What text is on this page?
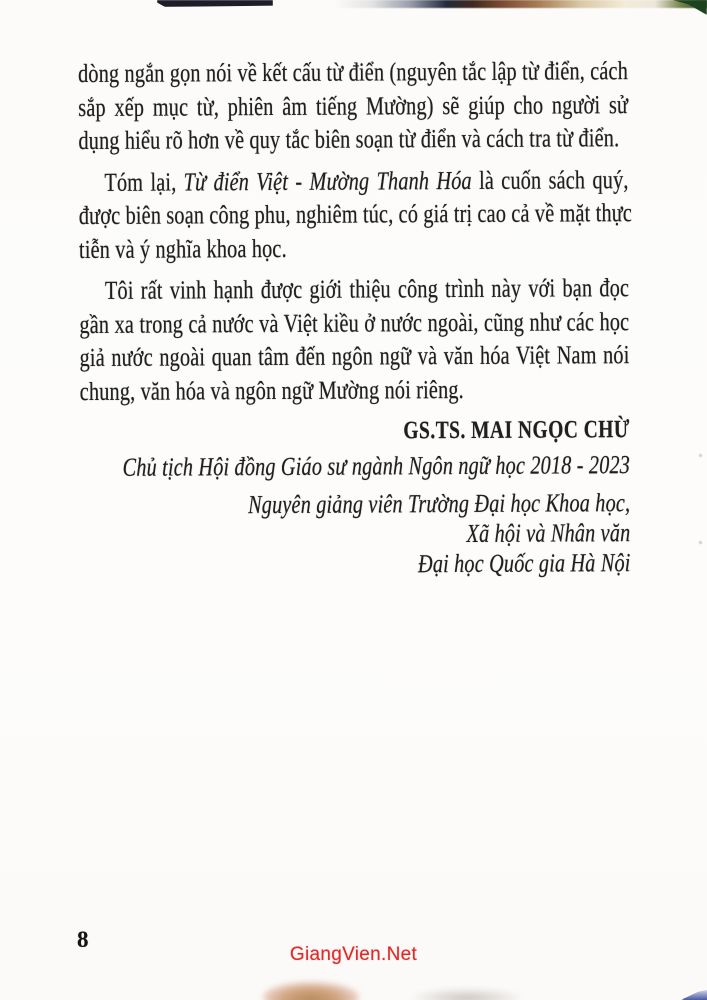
dòng ngắn gọn nói về kết cấu từ điển (nguyên tắc lập từ điển, cách
sắp xếp mục từ, phiên âm tiếng Mường) sẽ giúp cho người sử
dụng hiểu rõ hơn về quy tắc biên soạn từ điển và cách tra từ điển.
Tóm lại, Từ điển Việt - Mường Thanh Hóa là cuốn sách quý,
được biên soạn công phu, nghiêm túc, có giá trị cao cả về mặt thực
tiễn và ý nghĩa khoa học.
Tôi rất vinh hạnh được giới thiệu công trình này với bạn đọc
gần xa trong cả nước và Việt kiều ở nước ngoài, cũng như các học
giả nước ngoài quan tâm đến ngôn ngữ và văn hóa Việt Nam nói
chung, văn hóa và ngôn ngữ Mường nói riêng.
GS.TS. MAI NGỌC CHỪ
Chủ tịch Hội đồng Giáo sư ngành Ngôn ngữ học 2018 - 2023
Nguyên giảng viên Trường Đại học Khoa học,
Xã hội và Nhân văn
Đại học Quốc gia Hà Nội
8
GiangVien.Net
